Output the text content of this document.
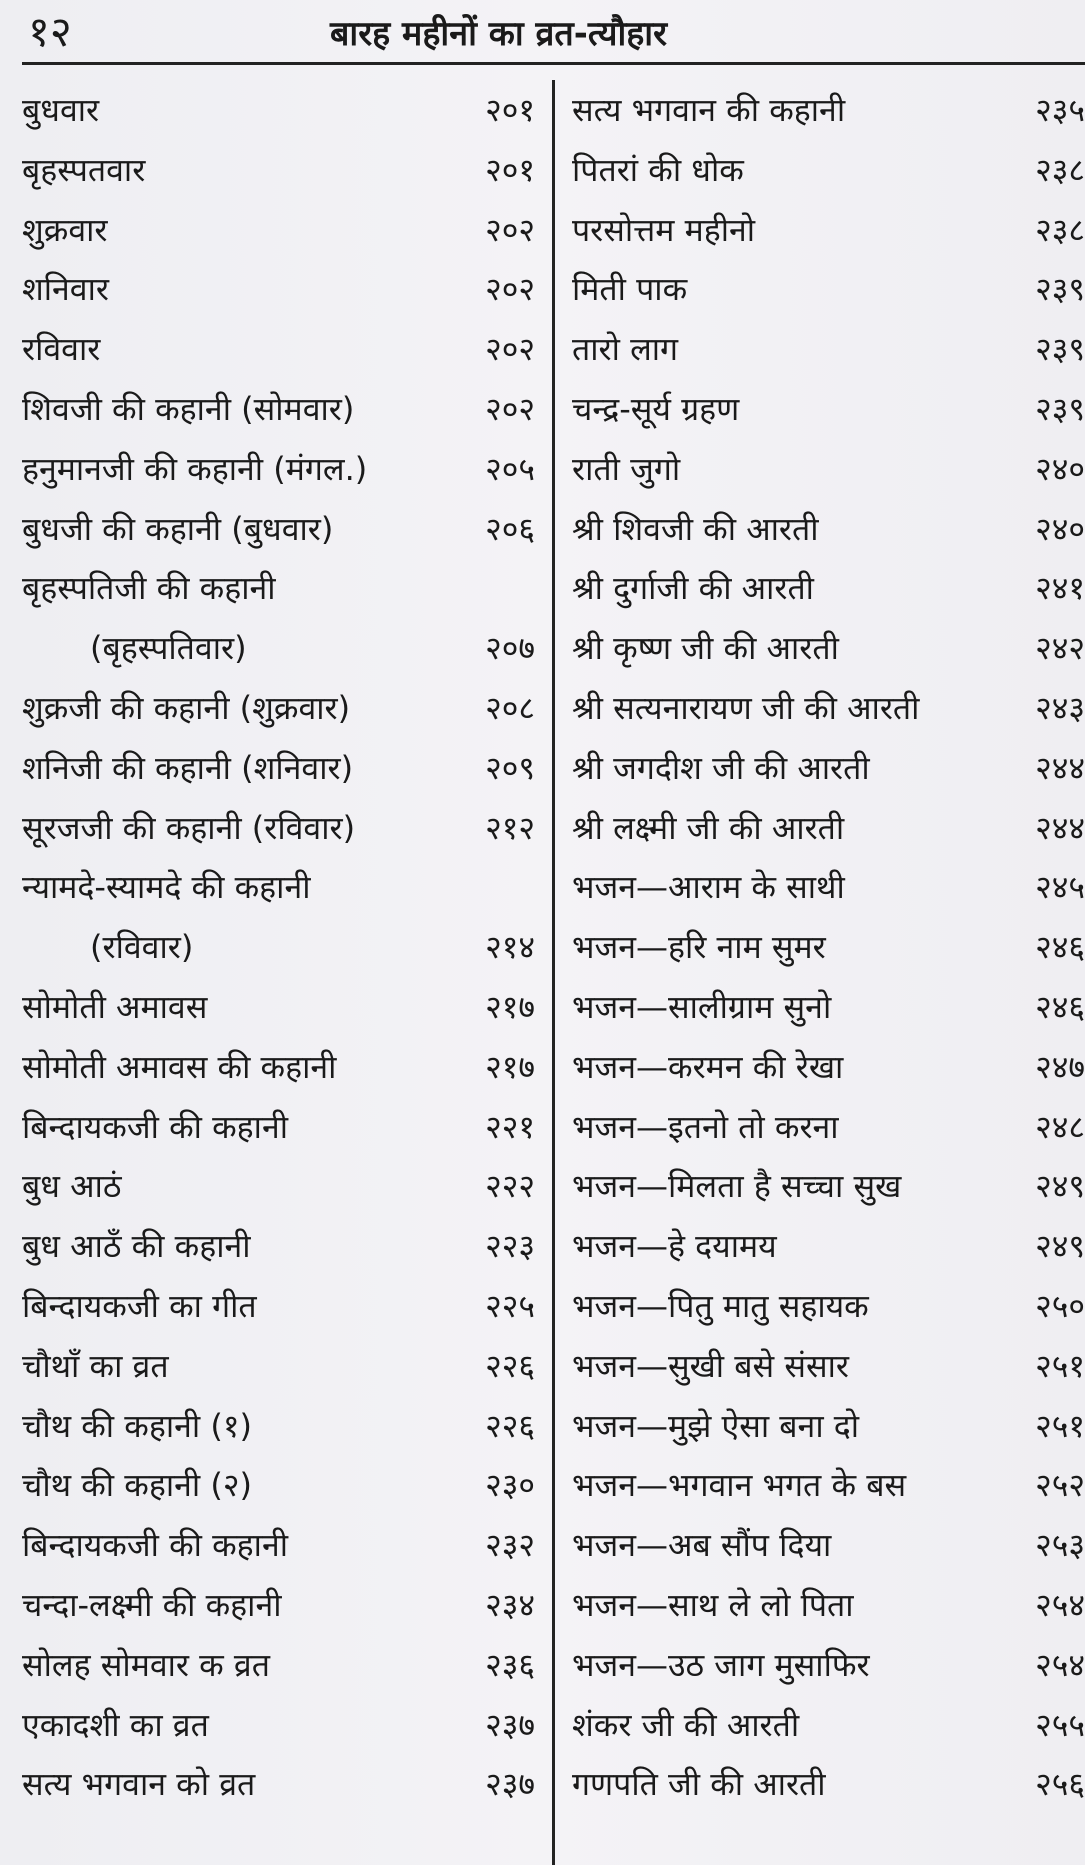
१२	बारह महीनों का व्रत-त्यौहार
बुधवार	२०१
बृहस्पतवार	२०१
शुक्रवार	२०२
शनिवार	२०२
रविवार	२०२
शिवजी की कहानी (सोमवार)	२०२
हनुमानजी की कहानी (मंगल.)	२०५
बुधजी की कहानी (बुधवार)	२०६
बृहस्पतिजी की कहानी
(बृहस्पतिवार)	२०७
शुक्रजी की कहानी (शुक्रवार)	२०८
शनिजी की कहानी (शनिवार)	२०९
सूरजजी की कहानी (रविवार)	२१२
न्यामदे-स्यामदे की कहानी
(रविवार)	२१४
सोमोती अमावस	२१७
सोमोती अमावस की कहानी	२१७
बिन्दायकजी की कहानी	२२१
बुध आठं	२२२
बुध आठँ की कहानी	२२३
बिन्दायकजी का गीत	२२५
चौथाँ का व्रत	२२६
चौथ की कहानी (१)	२२६
चौथ की कहानी (२)	२३०
बिन्दायकजी की कहानी	२३२
चन्दा-लक्ष्मी की कहानी	२३४
सोलह सोमवार क व्रत	२३६
एकादशी का व्रत	२३७
सत्य भगवान को व्रत	२३७
सत्य भगवान की कहानी	२३५
पितरां की धोक	२३८
परसोत्तम महीनो	२३८
मिती पाक	२३९
तारो लाग	२३९
चन्द्र-सूर्य ग्रहण	२३९
राती जुगो	२४०
श्री शिवजी की आरती	२४०
श्री दुर्गाजी की आरती	२४१
श्री कृष्ण जी की आरती	२४२
श्री सत्यनारायण जी की आरती	२४३
श्री जगदीश जी की आरती	२४४
श्री लक्ष्मी जी की आरती	२४४
भजन—आराम के साथी	२४५
भजन—हरि नाम सुमर	२४६
भजन—सालीग्राम सुनो	२४६
भजन—करमन की रेखा	२४७
भजन—इतनो तो करना	२४८
भजन—मिलता है सच्चा सुख	२४९
भजन—हे दयामय	२४९
भजन—पितु मातु सहायक	२५०
भजन—सुखी बसे संसार	२५१
भजन—मुझे ऐसा बना दो	२५१
भजन—भगवान भगत के बस	२५२
भजन—अब सौंप दिया	२५३
भजन—साथ ले लो पिता	२५४
भजन—उठ जाग मुसाफिर	२५४
शंकर जी की आरती	२५५
गणपति जी की आरती	२५६
